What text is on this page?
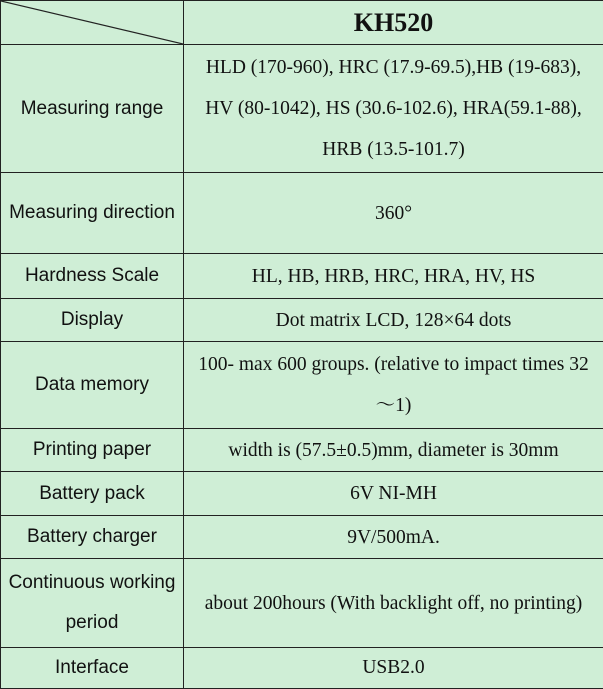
	KH520
Measuring range	HLD (170-960), HRC (17.9-69.5),HB (19-683), HV (80-1042), HS (30.6-102.6), HRA(59.1-88), HRB (13.5-101.7)
Measuring direction	360°
Hardness Scale	HL, HB, HRB, HRC, HRA, HV, HS
Display	Dot matrix LCD, 128×64 dots
Data memory	100- max 600 groups. (relative to impact times 32～1)
Printing paper	width is (57.5±0.5)mm, diameter is 30mm
Battery pack	6V NI-MH
Battery charger	9V/500mA.
Continuous working period	about 200hours (With backlight off, no printing)
Interface	USB2.0
